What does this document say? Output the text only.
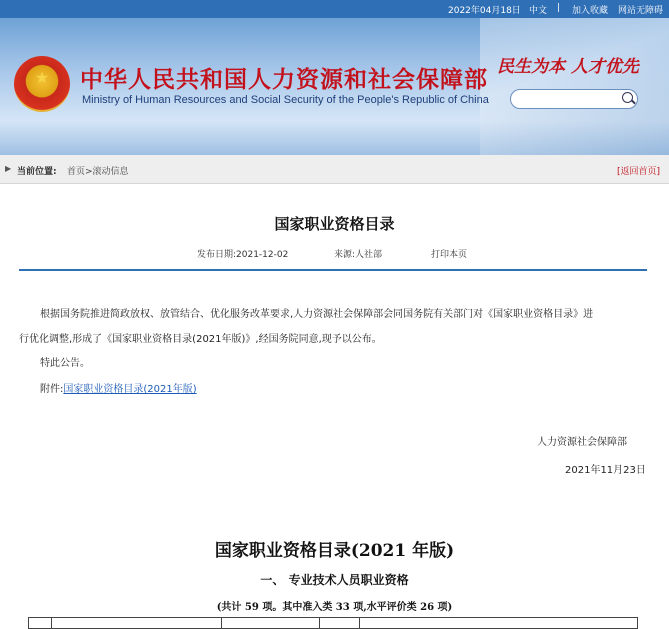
2022年04月18日 中文 | 加入收藏 网站无障碍
★	中华人民共和国人力资源和社会保障部
Ministry of Human Resources and Social Security of the People's Republic of China
民生为本 人才优先
▶ 当前位置: 首页>滚动信息	[返回首页]
国家职业资格目录
发布日期:2021-12-02	来源:人社部	打印本页
根据国务院推进简政放权、放管结合、优化服务改革要求,人力资源社会保障部会同国务院有关部门对《国家职业资格目录》进
行优化调整,形成了《国家职业资格目录(2021年版)》,经国务院同意,现予以公布。
特此公告。
附件:国家职业资格目录(2021年版)
人力资源社会保障部
2021年11月23日
国家职业资格目录(2021 年版)
一、 专业技术人员职业资格
(共计 59 项。其中准入类 33 项,水平评价类 26 项)
